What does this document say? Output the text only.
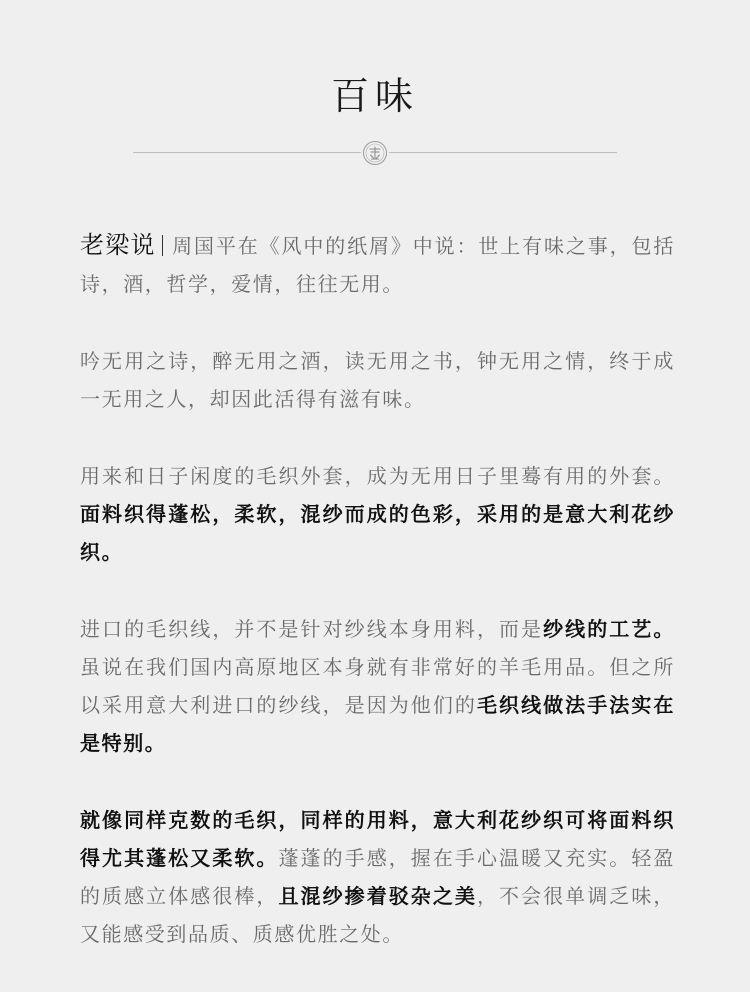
百味

老梁说 周国平在《风中的纸屑》中说：世上有味之事，包括诗，酒，哲学，爱情，往往无用。

吟无用之诗，醉无用之酒，读无用之书，钟无用之情，终于成一无用之人，却因此活得有滋有味。

用来和日子闲度的毛织外套，成为无用日子里蓦有用的外套。面料织得蓬松，柔软，混纱而成的色彩，采用的是意大利花纱织。

进口的毛织线，并不是针对纱线本身用料，而是纱线的工艺。虽说在我们国内高原地区本身就有非常好的羊毛用品。但之所以采用意大利进口的纱线，是因为他们的毛织线做法手法实在是特别。

就像同样克数的毛织，同样的用料，意大利花纱织可将面料织得尤其蓬松又柔软。蓬蓬的手感，握在手心温暖又充实。轻盈的质感立体感很棒，且混纱掺着驳杂之美，不会很单调乏味，又能感受到品质、质感优胜之处。
